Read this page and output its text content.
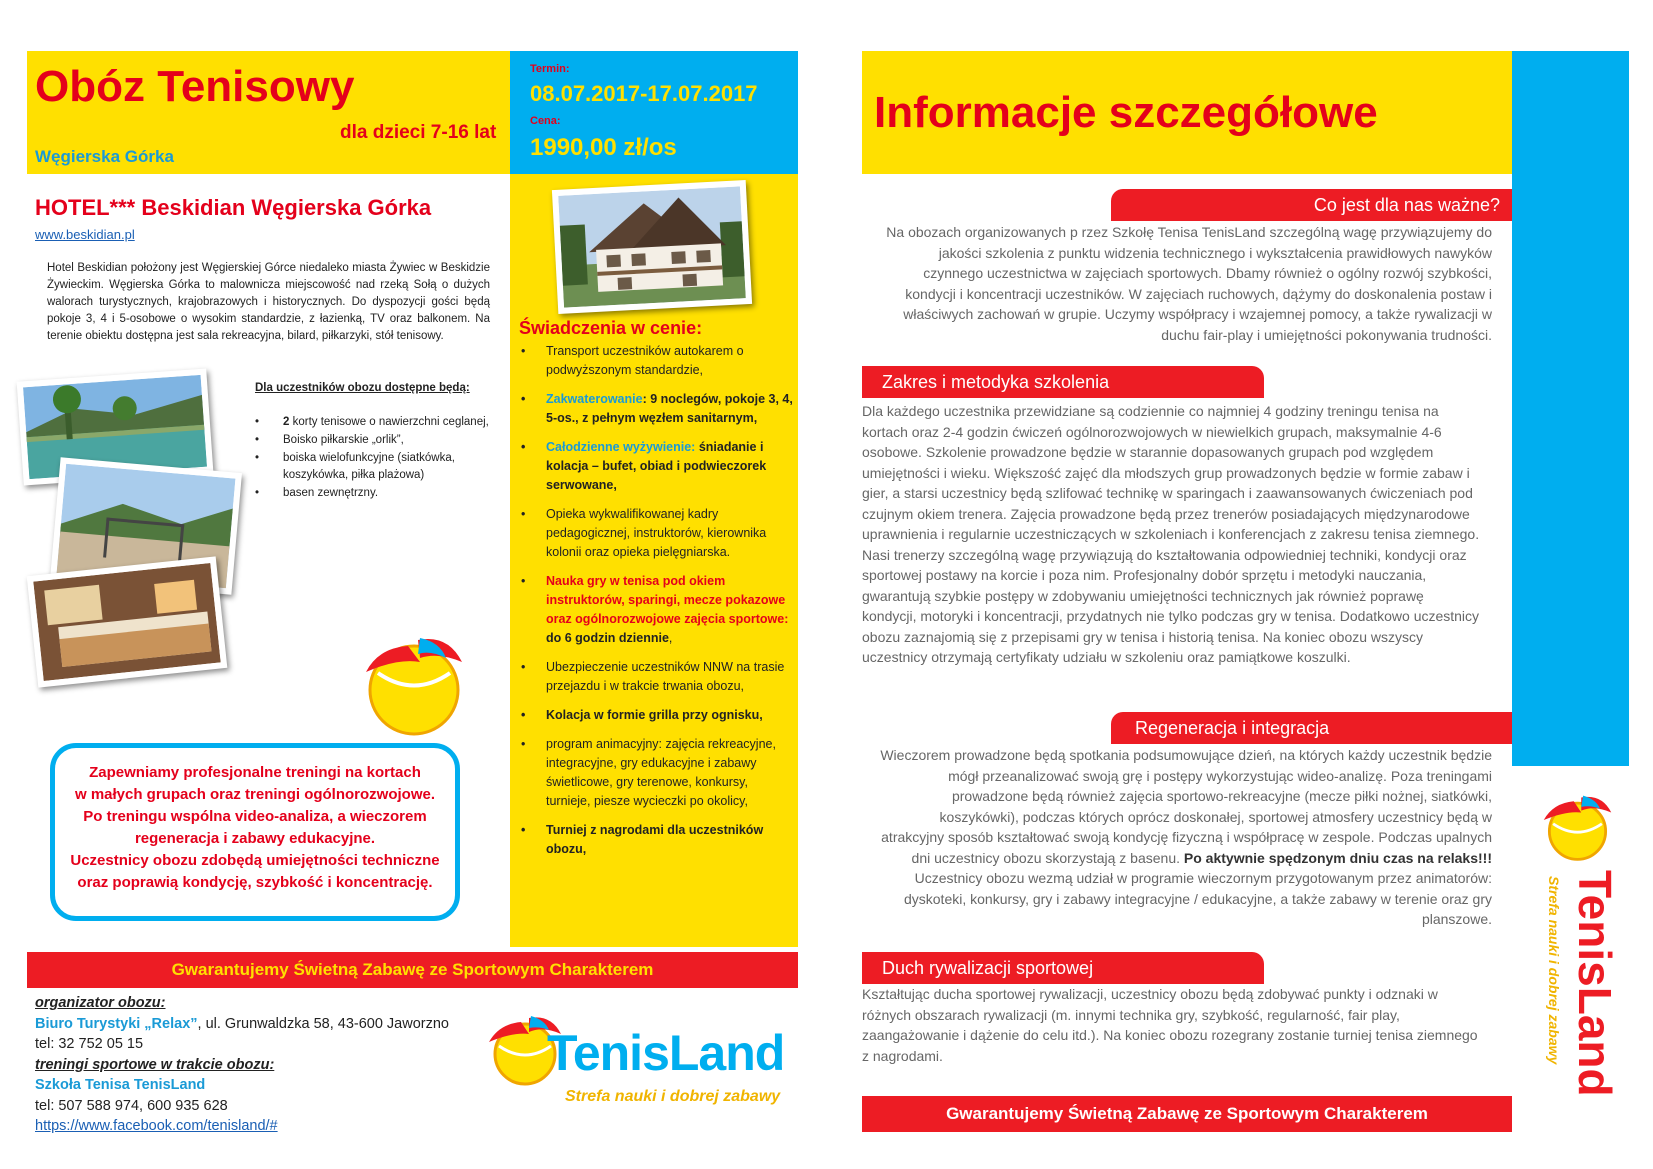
Obóz Tenisowy
dla dzieci 7-16 lat
Węgierska Górka
Termin:
08.07.2017-17.07.2017
Cena:
1990,00 zł/os
HOTEL*** Beskidian Węgierska Górka
www.beskidian.pl
Hotel Beskidian położony jest Węgierskiej Górce niedaleko miasta Żywiec w Beskidzie Żywieckim. Węgierska Górka to malownicza miejscowość nad rzeką Sołą o dużych walorach turystycznych, krajobrazowych i historycznych. Do dyspozycji gości będą pokoje 3, 4 i 5-osobowe o wysokim standardzie, z łazienką, TV oraz balkonem. Na terenie obiektu dostępna jest sala rekreacyjna, bilard, piłkarzyki, stół tenisowy.
Dla uczestników obozu dostępne będą:
• 2 korty tenisowe o nawierzchni ceglanej,
• Boisko piłkarskie „orlik”,
• boiska wielofunkcyjne (siatkówka, koszykówka, piłka plażowa)
• basen zewnętrzny.
Zapewniamy profesjonalne treningi na kortach
w małych grupach oraz treningi ogólnorozwojowe.
Po treningu wspólna video-analiza, a wieczorem
regeneracja i zabawy edukacyjne.
Uczestnicy obozu zdobędą umiejętności techniczne
oraz poprawią kondycję, szybkość i koncentrację.
Świadczenia w cenie:
• Transport uczestników autokarem o podwyższonym standardzie,
• Zakwaterowanie: 9 noclegów, pokoje 3, 4, 5-os., z pełnym węzłem sanitarnym,
• Całodzienne wyżywienie: śniadanie i kolacja – bufet, obiad i podwieczorek serwowane,
• Opieka wykwalifikowanej kadry pedagogicznej, instruktorów, kierownika kolonii oraz opieka pielęgniarska.
• Nauka gry w tenisa pod okiem instruktorów, sparingi, mecze pokazowe oraz ogólnorozwojowe zajęcia sportowe: do 6 godzin dziennie,
• Ubezpieczenie uczestników NNW na trasie przejazdu i w trakcie trwania obozu,
• Kolacja w formie grilla przy ognisku,
• program animacyjny: zajęcia rekreacyjne, integracyjne, gry edukacyjne i zabawy świetlicowe, gry terenowe, konkursy, turnieje, piesze wycieczki po okolicy,
• Turniej z nagrodami dla uczestników obozu,
Gwarantujemy Świetną Zabawę ze Sportowym Charakterem
organizator obozu:
Biuro Turystyki „Relax”, ul. Grunwaldzka 58, 43-600 Jaworzno
tel: 32 752 05 15
treningi sportowe w trakcie obozu:
Szkoła Tenisa TenisLand
tel: 507 588 974, 600 935 628
https://www.facebook.com/tenisland/#
TenisLand
Strefa nauki i dobrej zabawy
Informacje szczegółowe
Co jest dla nas ważne?
Na obozach organizowanych p rzez Szkołę Tenisa TenisLand szczególną wagę przywiązujemy do jakości szkolenia z punktu widzenia technicznego i wykształcenia prawidłowych nawyków czynnego uczestnictwa w zajęciach sportowych. Dbamy również o ogólny rozwój szybkości, kondycji i koncentracji uczestników. W zajęciach ruchowych, dążymy do doskonalenia postaw i właściwych zachowań w grupie. Uczymy współpracy i wzajemnej pomocy, a także rywalizacji w duchu fair-play i umiejętności pokonywania trudności.
Zakres i metodyka szkolenia
Dla każdego uczestnika przewidziane są codziennie co najmniej 4 godziny treningu tenisa na kortach oraz 2-4 godzin ćwiczeń ogólnorozwojowych w niewielkich grupach, maksymalnie 4-6 osobowe. Szkolenie prowadzone będzie w starannie dopasowanych grupach pod względem umiejętności i wieku. Większość zajęć dla młodszych grup prowadzonych będzie w formie zabaw i gier, a starsi uczestnicy będą szlifować technikę w sparingach i zaawansowanych ćwiczeniach pod czujnym okiem trenera. Zajęcia prowadzone będą przez trenerów posiadających międzynarodowe uprawnienia i regularnie uczestniczących w szkoleniach i konferencjach z zakresu tenisa ziemnego. Nasi trenerzy szczególną wagę przywiązują do kształtowania odpowiedniej techniki, kondycji oraz sportowej postawy na korcie i poza nim. Profesjonalny dobór sprzętu i metodyki nauczania, gwarantują szybkie postępy w zdobywaniu umiejętności technicznych jak również poprawę kondycji, motoryki i koncentracji, przydatnych nie tylko podczas gry w tenisa. Dodatkowo uczestnicy obozu zaznajomią się z przepisami gry w tenisa i historią tenisa. Na koniec obozu wszyscy uczestnicy otrzymają certyfikaty udziału w szkoleniu oraz pamiątkowe koszulki.
Regeneracja i integracja
Wieczorem prowadzone będą spotkania podsumowujące dzień, na których każdy uczestnik będzie mógł przeanalizować swoją grę i postępy wykorzystując wideo-analizę. Poza treningami prowadzone będą również zajęcia sportowo-rekreacyjne (mecze piłki nożnej, siatkówki, koszykówki), podczas których oprócz doskonałej, sportowej atmosfery uczestnicy będą w atrakcyjny sposób kształtować swoją kondycję fizyczną i współpracę w zespole. Podczas upalnych dni uczestnicy obozu skorzystają z basenu. Po aktywnie spędzonym dniu czas na relaks!!! Uczestnicy obozu wezmą udział w programie wieczornym przygotowanym przez animatorów: dyskoteki, konkursy, gry i zabawy integracyjne / edukacyjne, a także zabawy w terenie oraz gry planszowe.
Duch rywalizacji sportowej
Kształtując ducha sportowej rywalizacji, uczestnicy obozu będą zdobywać punkty i odznaki w różnych obszarach rywalizacji (m. innymi technika gry, szybkość, regularność, fair play, zaangażowanie i dążenie do celu itd.). Na koniec obozu rozegrany zostanie turniej tenisa ziemnego z nagrodami.
Gwarantujemy Świetną Zabawę ze Sportowym Charakterem
TenisLand
Strefa nauki i dobrej zabawy
